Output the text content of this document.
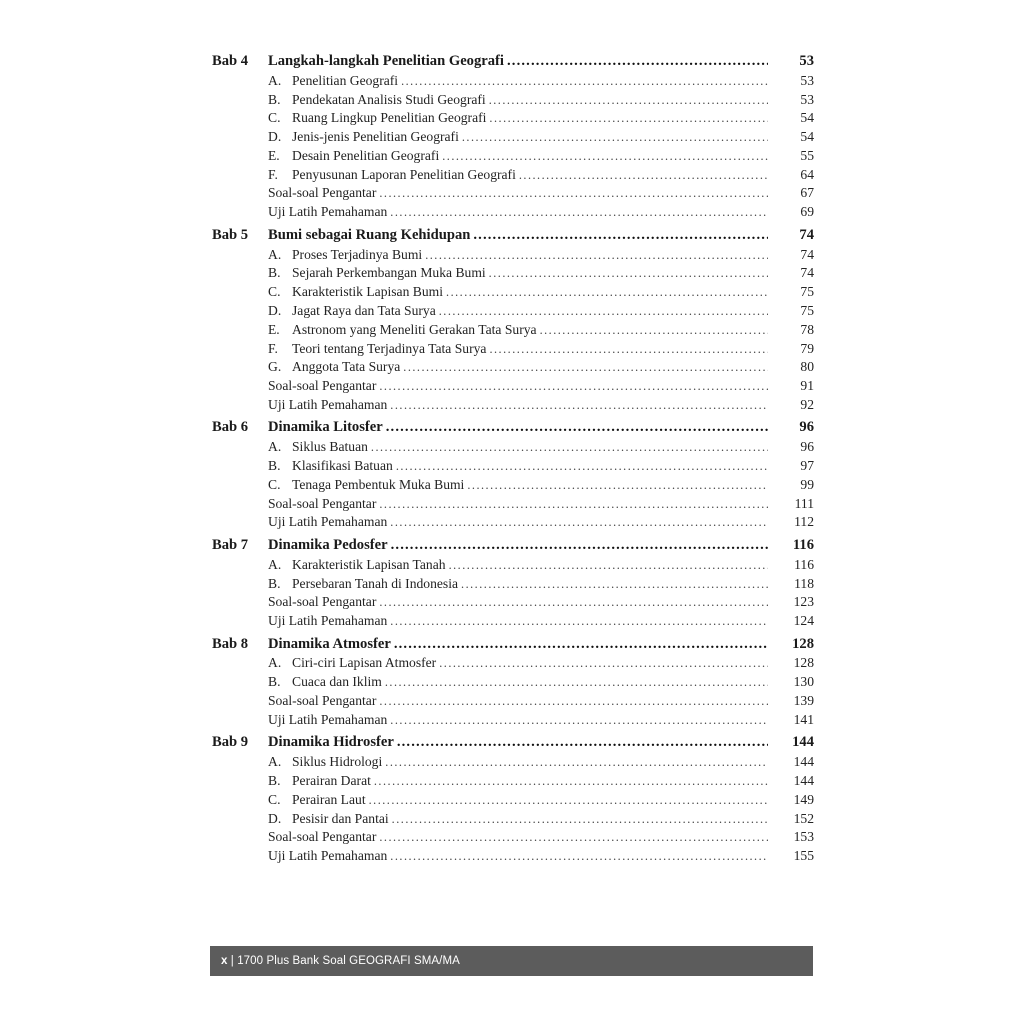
Bab 4	Langkah-langkah Penelitian Geografi .....	53
A. Penelitian Geografi .....	53
B. Pendekatan Analisis Studi Geografi .....	53
C. Ruang Lingkup Penelitian Geografi .....	54
D. Jenis-jenis Penelitian Geografi .....	54
E. Desain Penelitian Geografi .....	55
F.	Penyusunan Laporan Penelitian Geografi .....	64
Soal-soal Pengantar .....	67
Uji Latih Pemahaman .....	69
Bab 5	Bumi sebagai Ruang Kehidupan .....	74
A. Proses Terjadinya Bumi .....	74
B. Sejarah Perkembangan Muka Bumi .....	74
C. Karakteristik Lapisan Bumi .....	75
D. Jagat Raya dan Tata Surya .....	75
E. Astronom yang Meneliti Gerakan Tata Surya .....	78
F.	Teori tentang Terjadinya Tata Surya .....	79
G. Anggota Tata Surya .....	80
Soal-soal Pengantar .....	91
Uji Latih Pemahaman .....	92
Bab 6	Dinamika Litosfer .....	96
A. Siklus Batuan .....	96
B. Klasifikasi Batuan .....	97
C. Tenaga Pembentuk Muka Bumi .....	99
Soal-soal Pengantar .....	111
Uji Latih Pemahaman .....	112
Bab 7	Dinamika Pedosfer .....	116
A. Karakteristik Lapisan Tanah .....	116
B. Persebaran Tanah di Indonesia .....	118
Soal-soal Pengantar .....	123
Uji Latih Pemahaman .....	124
Bab 8	Dinamika Atmosfer .....	128
A. Ciri-ciri Lapisan Atmosfer .....	128
B. Cuaca dan Iklim .....	130
Soal-soal Pengantar .....	139
Uji Latih Pemahaman .....	141
Bab 9	Dinamika Hidrosfer .....	144
A. Siklus Hidrologi .....	144
B. Perairan Darat .....	144
C. Perairan Laut .....	149
D. Pesisir dan Pantai .....	152
Soal-soal Pengantar .....	153
Uji Latih Pemahaman .....	155
x | 1700 Plus Bank Soal GEOGRAFI SMA/MA
